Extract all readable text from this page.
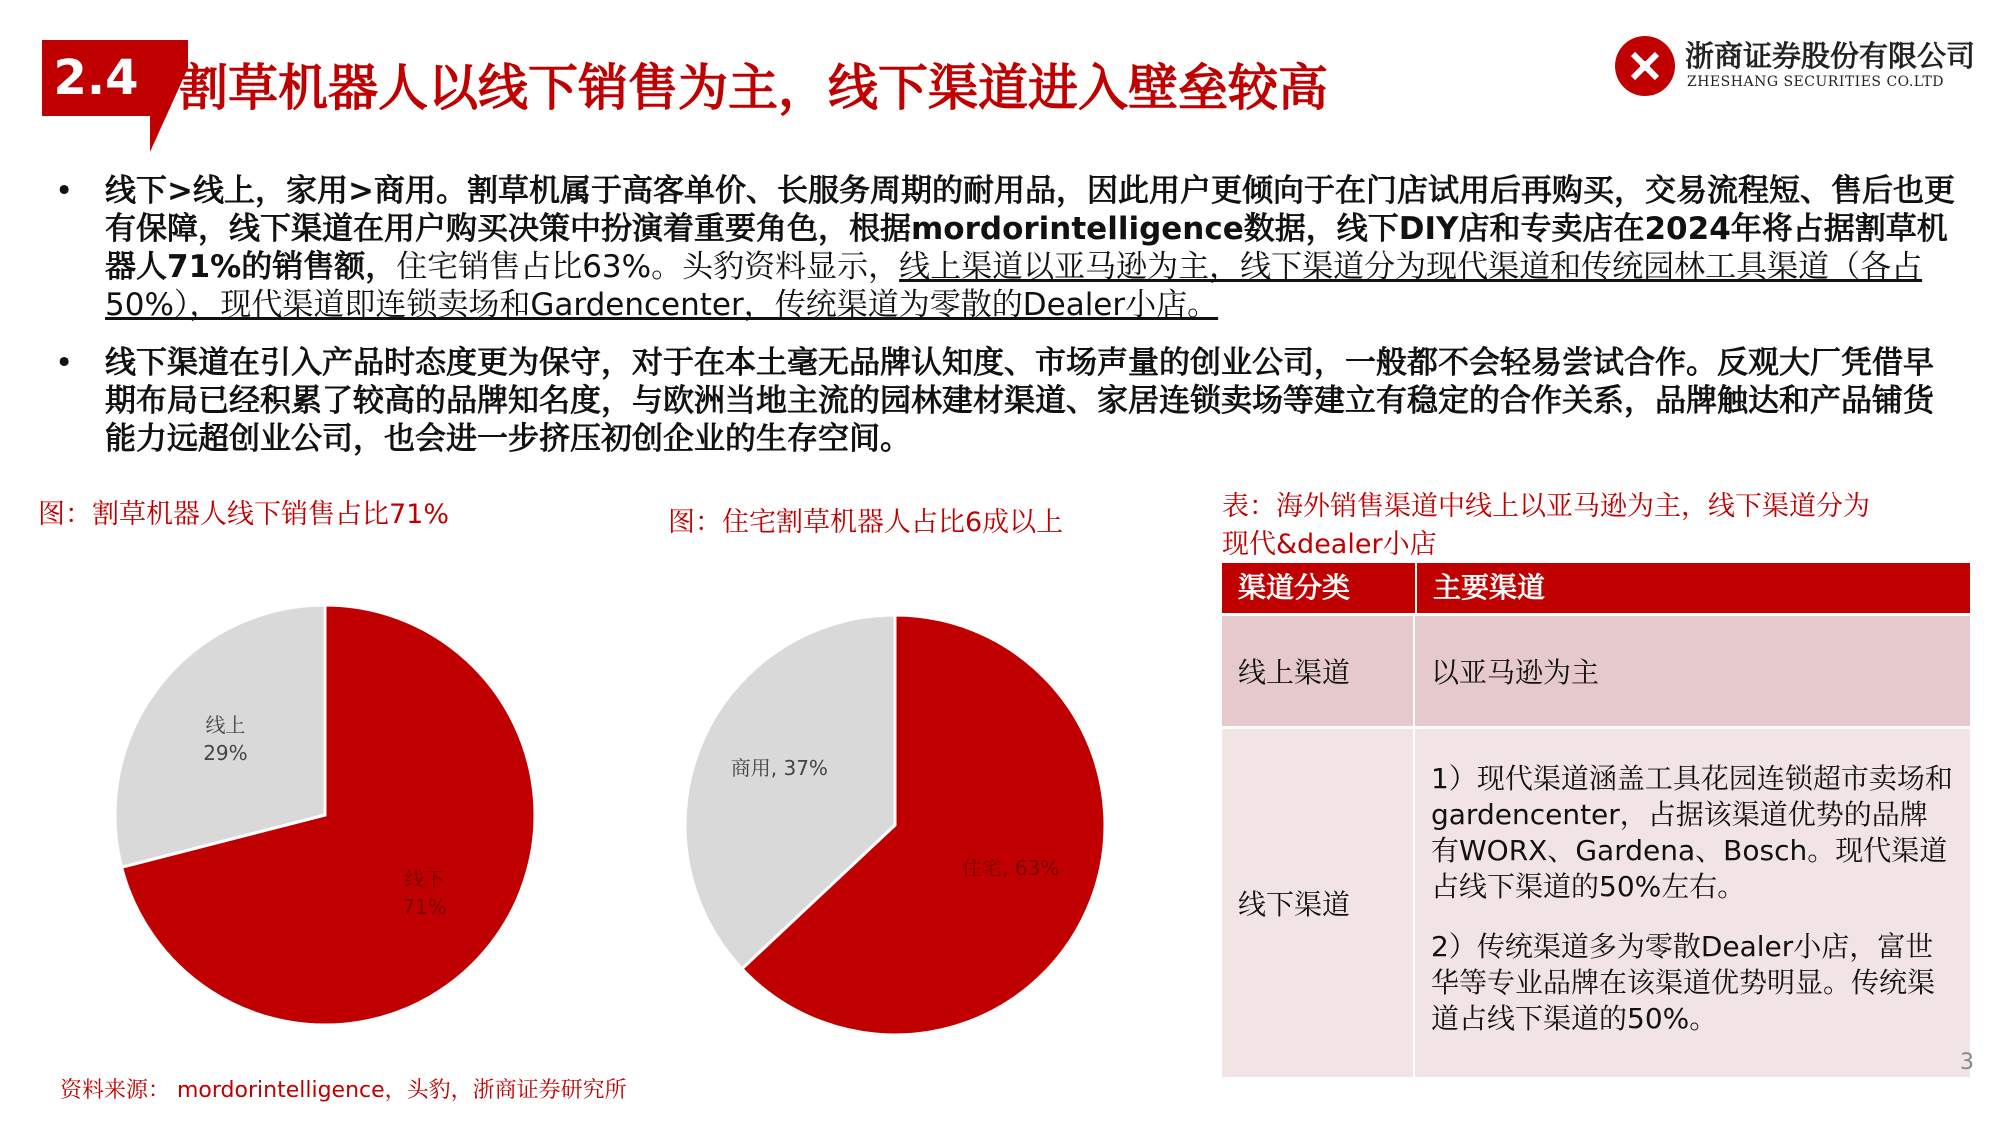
2.4 割草机器人以线下销售为主，线下渠道进入壁垒较高
浙商证券股份有限公司
ZHESHANG SECURITIES CO.LTD
• 线下>线上，家用>商用。割草机属于高客单价、长服务周期的耐用品，因此用户更倾向于在门店试用后再购买，交易流程短、售后也更有保障，线下渠道在用户购买决策中扮演着重要角色，根据mordorintelligence数据，线下DIY店和专卖店在2024年将占据割草机器人71%的销售额，住宅销售占比63%。头豹资料显示，线上渠道以亚马逊为主，线下渠道分为现代渠道和传统园林工具渠道（各占50%），现代渠道即连锁卖场和Gardencenter，传统渠道为零散的Dealer小店。
• 线下渠道在引入产品时态度更为保守，对于在本土毫无品牌认知度、市场声量的创业公司，一般都不会轻易尝试合作。反观大厂凭借早期布局已经积累了较高的品牌知名度，与欧洲当地主流的园林建材渠道、家居连锁卖场等建立有稳定的合作关系，品牌触达和产品铺货能力远超创业公司，也会进一步挤压初创企业的生存空间。
图：割草机器人线下销售占比71%	图：住宅割草机器人占比6成以上
表：海外销售渠道中线上以亚马逊为主，线下渠道分为
现代&dealer小店
线下
71%
线上
29%
住宅, 63%
商用, 37%
渠道分类	主要渠道
线上渠道	以亚马逊为主
线下渠道

1）现代渠道涵盖工具花园连锁超市卖场和gardencenter，占据该渠道优势的品牌有WORX、Gardena、Bosch。现代渠道占线下渠道的50%左右。

2）传统渠道多为零散Dealer小店，富世华等专业品牌在该渠道优势明显。传统渠道占线下渠道的50%。

资料来源： mordorintelligence，头豹，浙商证券研究所
3
